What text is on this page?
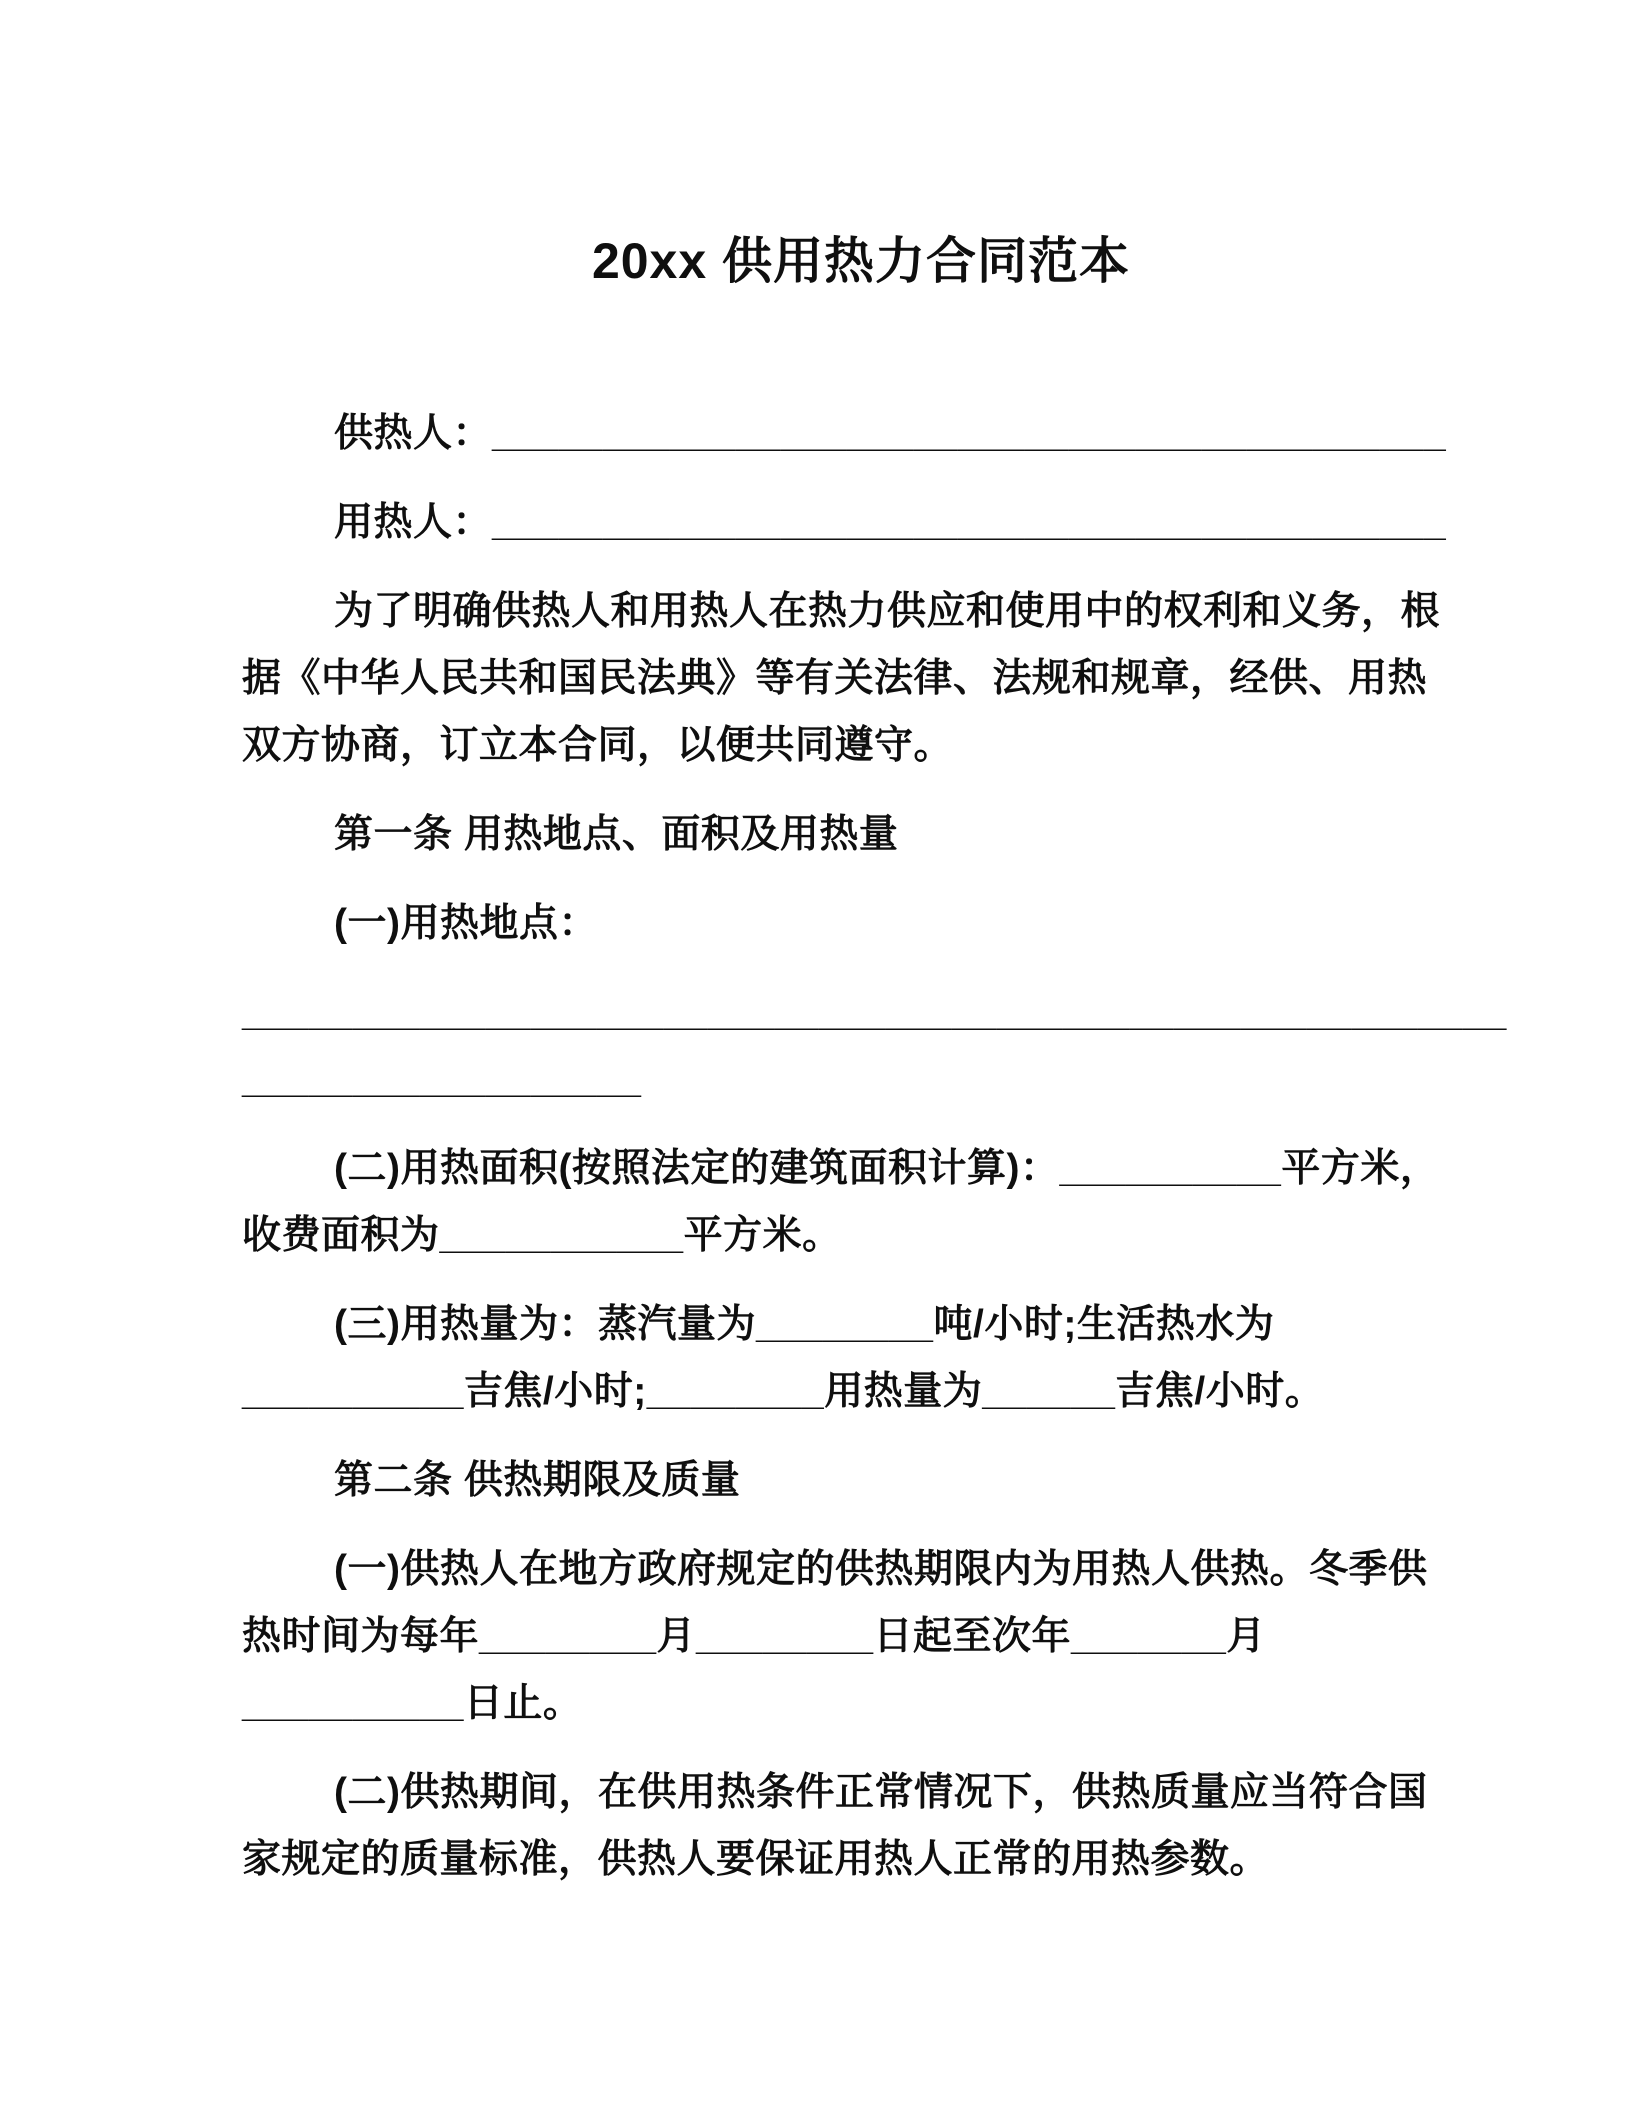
20xx 供用热力合同范本

供热人：___________________________________________

用热人：___________________________________________

为了明确供热人和用热人在热力供应和使用中的权利和义务，根

据《中华人民共和国民法典》等有关法律、法规和规章，经供、用热

双方协商，订立本合同，以便共同遵守。

第一条 用热地点、面积及用热量

(一)用热地点：

_________________________________________________________

__________________

(二)用热面积(按照法定的建筑面积计算)：__________平方米，

收费面积为___________平方米。

(三)用热量为：蒸汽量为________吨/小时;生活热水为

__________吉焦/小时;________用热量为______吉焦/小时。

第二条 供热期限及质量

(一)供热人在地方政府规定的供热期限内为用热人供热。冬季供

热时间为每年________月________日起至次年_______月

__________日止。

(二)供热期间，在供用热条件正常情况下，供热质量应当符合国

家规定的质量标准，供热人要保证用热人正常的用热参数。
